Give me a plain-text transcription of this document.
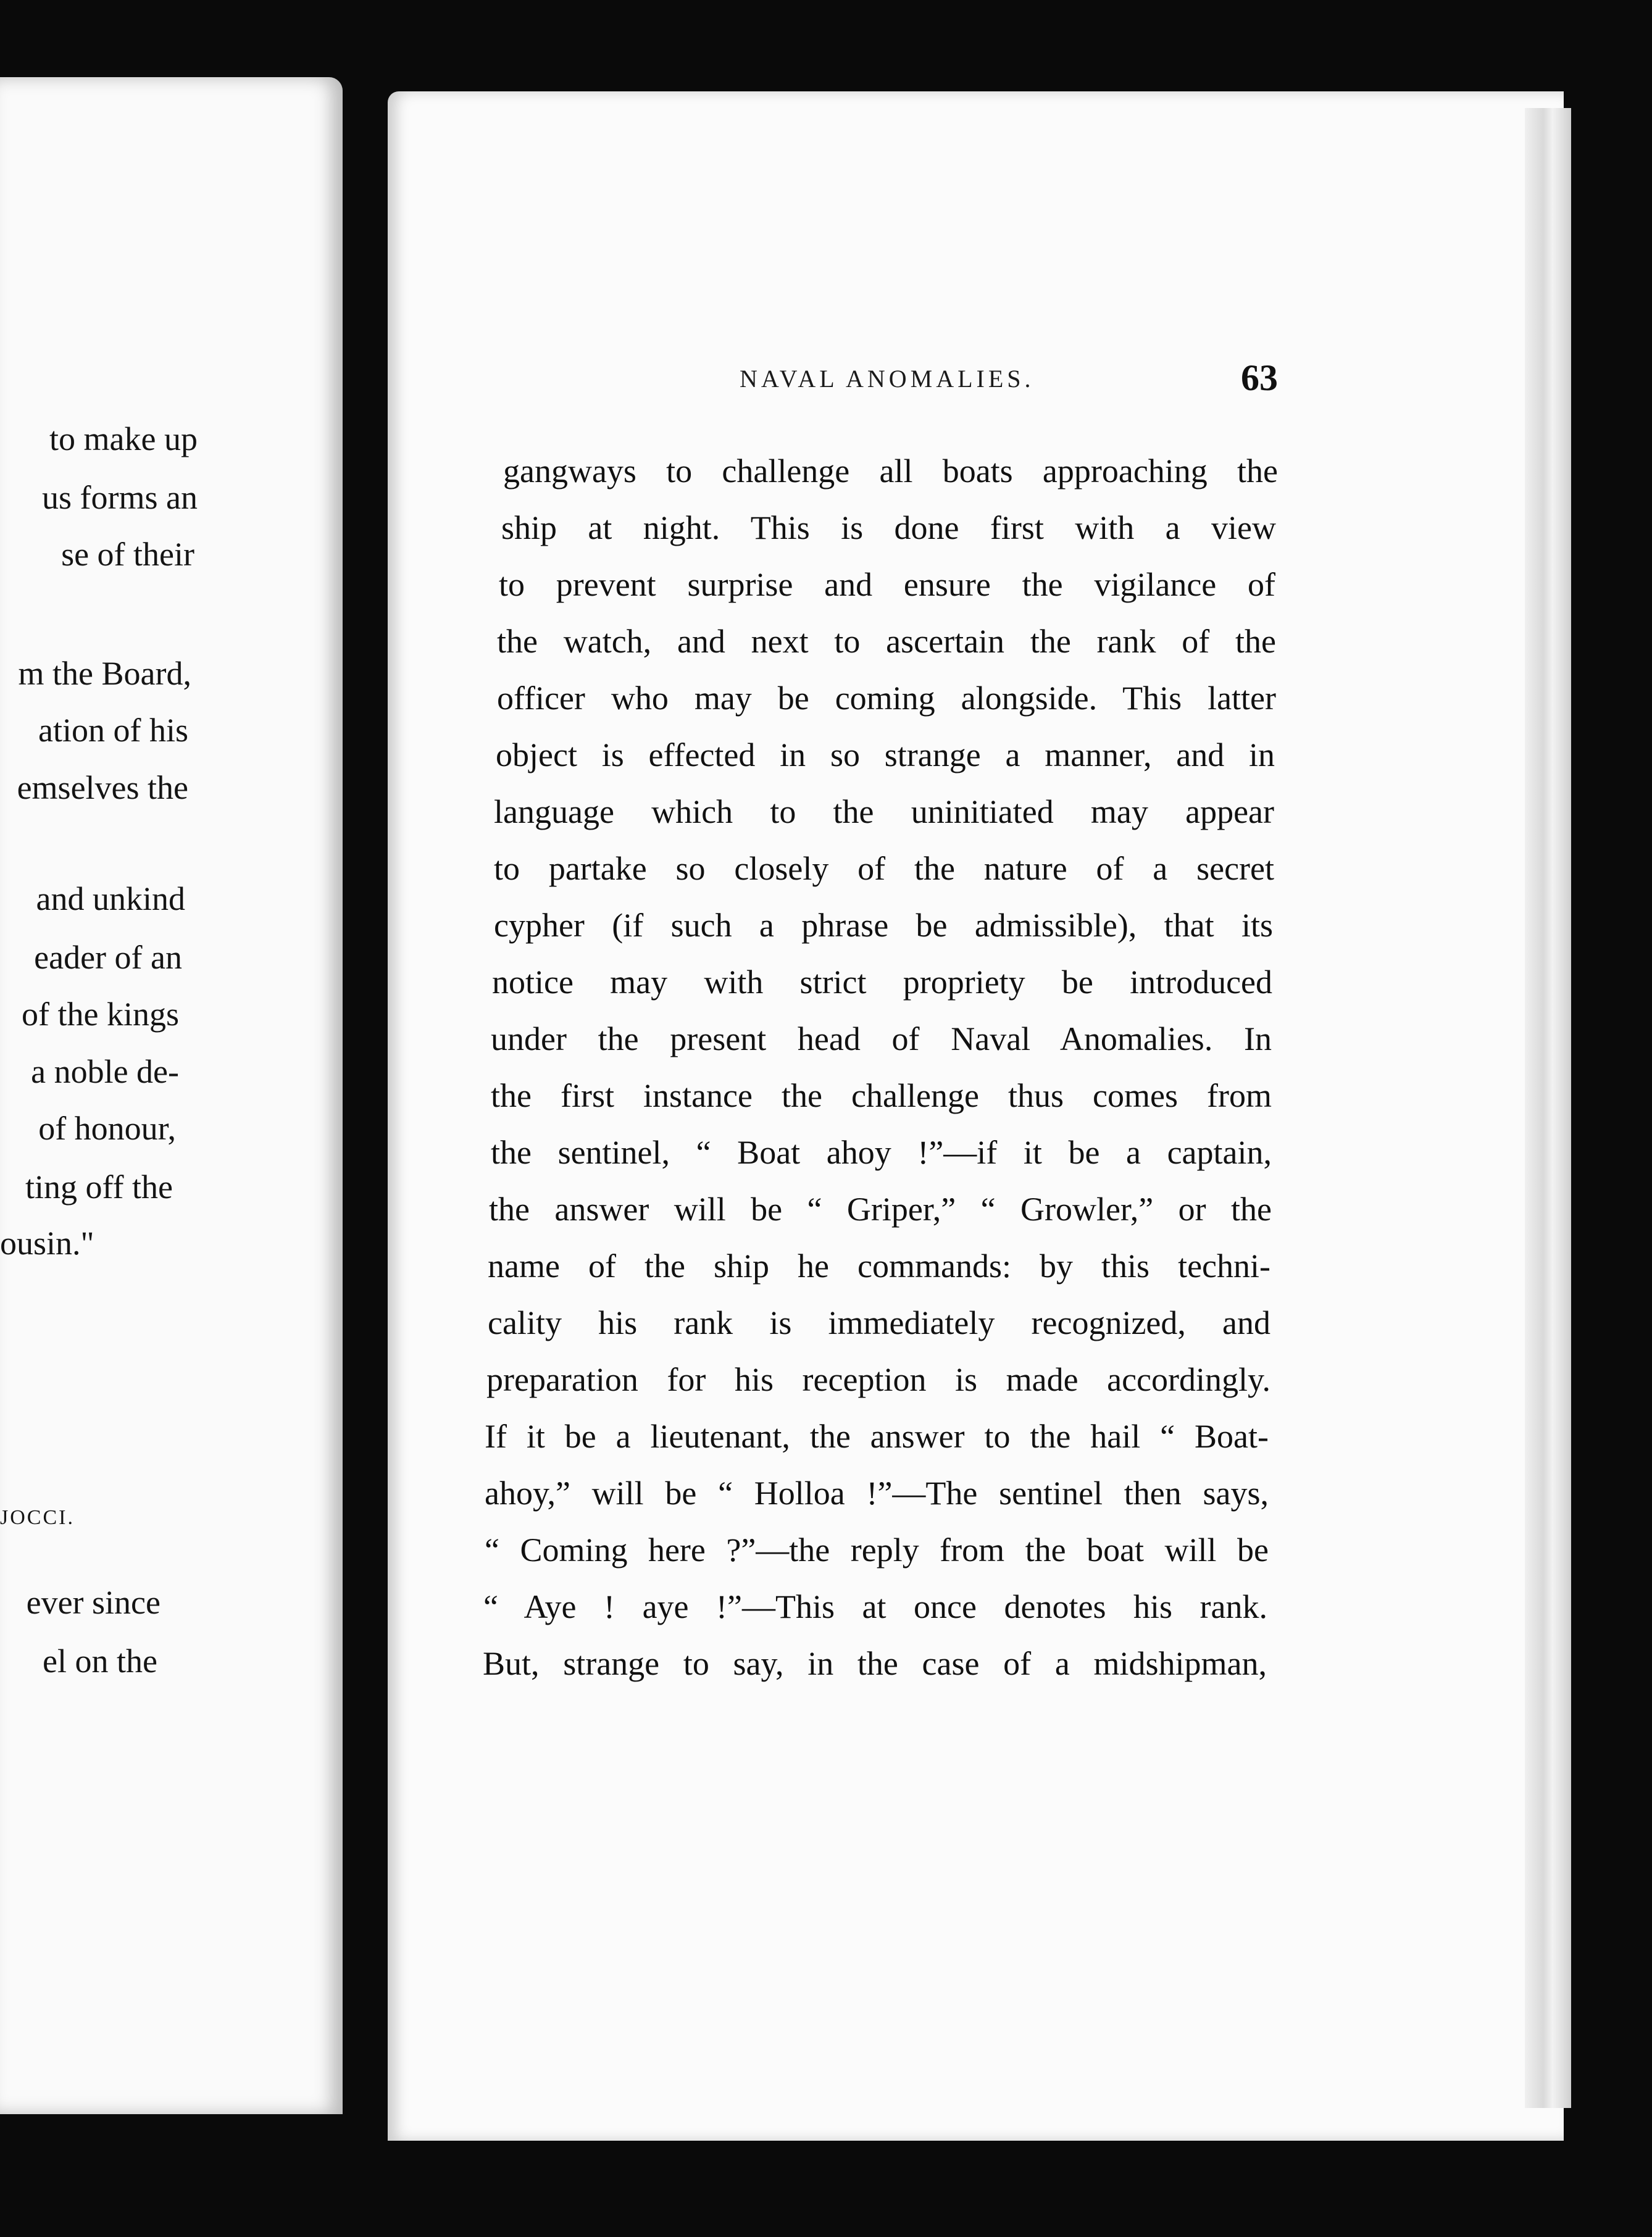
to make up
us forms an
se of their
m the Board,
ation of his
emselves the
and unkind
eader of an
of the kings
a noble de-
of honour,
ting off the
ousin."
JOCCI.
ever since
el on the
NAVAL ANOMALIES.	63
gangways to challenge all boats approaching the
ship at night. This is done first with a view
to prevent surprise and ensure the vigilance of
the watch, and next to ascertain the rank of the
officer who may be coming alongside. This latter
object is effected in so strange a manner, and in
language which to the uninitiated may appear
to partake so closely of the nature of a secret
cypher (if such a phrase be admissible), that its
notice may with strict propriety be introduced
under the present head of Naval Anomalies. In
the first instance the challenge thus comes from
the sentinel, “ Boat ahoy !”—if it be a captain,
the answer will be “ Griper,” “ Growler,” or the
name of the ship he commands: by this techni-
cality his rank is immediately recognized, and
preparation for his reception is made accordingly.
If it be a lieutenant, the answer to the hail “ Boat-
ahoy,” will be “ Holloa !”—The sentinel then says,
“ Coming here ?”—the reply from the boat will be
“ Aye ! aye !”—This at once denotes his rank.
But, strange to say, in the case of a midshipman,
